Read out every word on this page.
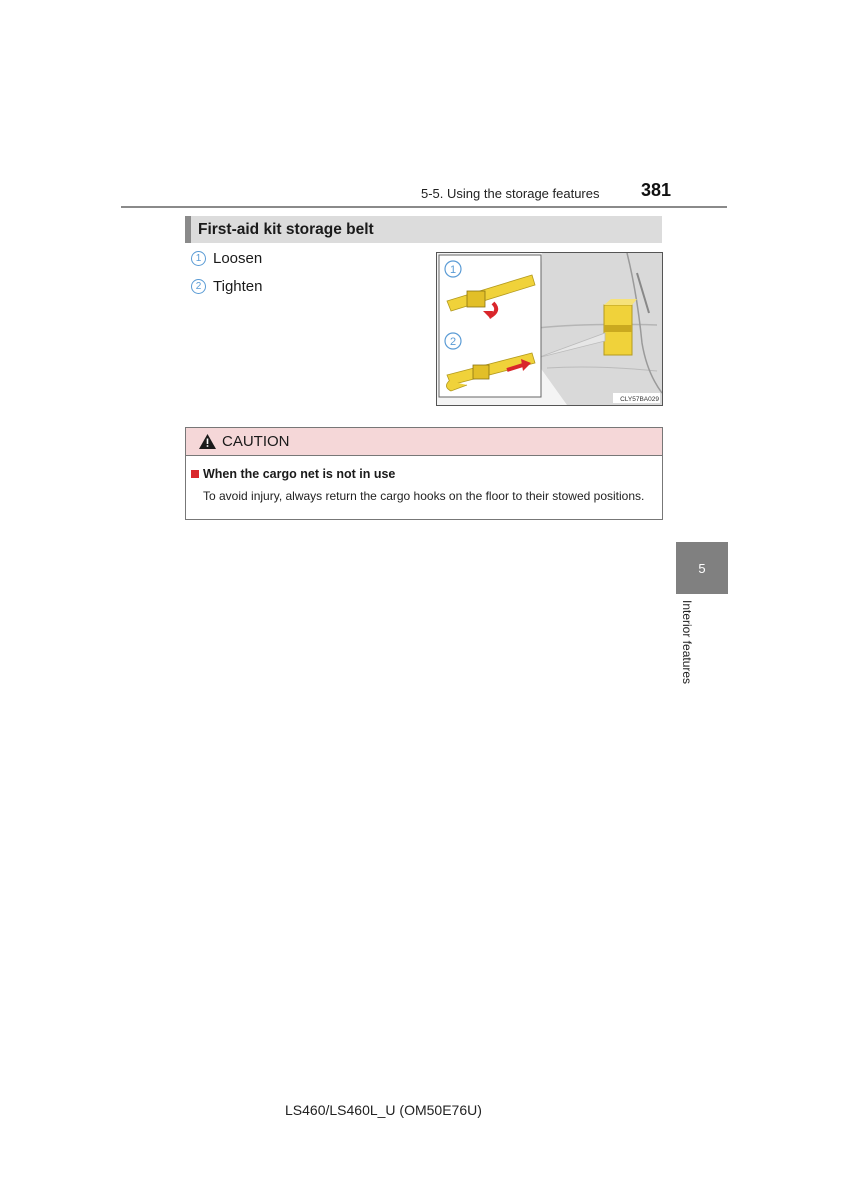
5-5. Using the storage features 381
First-aid kit storage belt
1 Loosen
2 Tighten
1
2
CLY57BA029
CAUTION
When the cargo net is not in use
To avoid injury, always return the cargo hooks on the floor to their stowed positions.
5
Interior features
LS460/LS460L_U (OM50E76U)
